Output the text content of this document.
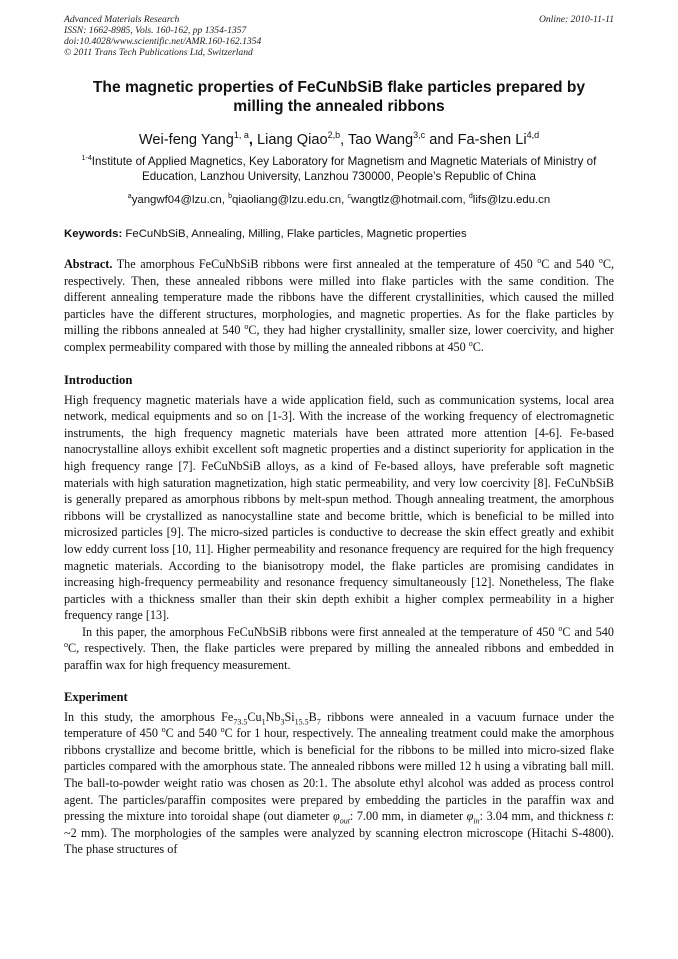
Advanced Materials Research
ISSN: 1662-8985, Vols. 160-162, pp 1354-1357
doi:10.4028/www.scientific.net/AMR.160-162.1354
© 2011 Trans Tech Publications Ltd, Switzerland
Online: 2010-11-11
The magnetic properties of FeCuNbSiB flake particles prepared by milling the annealed ribbons
Wei-feng Yang$^{1, a}$, Liang Qiao$^{2,b}$, Tao Wang$^{3,c}$ and Fa-shen Li$^{4,d}$
$^{1-4}$Institute of Applied Magnetics, Key Laboratory for Magnetism and Magnetic Materials of Ministry of Education, Lanzhou University, Lanzhou 730000, People’s Republic of China
$^a$yangwf04@lzu.cn, $^b$qiaoliang@lzu.edu.cn, $^c$wangtlz@hotmail.com, $^d$lifs@lzu.edu.cn
Keywords: FeCuNbSiB, Annealing, Milling, Flake particles, Magnetic properties

Abstract. The amorphous FeCuNbSiB ribbons were first annealed at the temperature of 450 $^o$C and 540 $^o$C, respectively. Then, these annealed ribbons were milled into flake particles with the same condition. The different annealing temperature made the ribbons have the different crystallinities, which caused the milled particles have the different structures, morphologies, and magnetic properties. As for the flake particles by milling the ribbons annealed at 540 $^o$C, they had higher crystallinity, smaller size, lower coercivity, and higher complex permeability compared with those by milling the annealed ribbons at 450 $^o$C.

Introduction

High frequency magnetic materials have a wide application field, such as communication systems, local area network, medical equipments and so on [1-3]. With the increase of the working frequency of electromagnetic instruments, the high frequency magnetic materials have been attrated more attention [4-6]. Fe-based nanocrystalline alloys exhibit excellent soft magnetic properties and a distinct superiority for application in the high frequency range [7]. FeCuNbSiB alloys, as a kind of Fe-based alloys, have preferable soft magnetic materials with high saturation magnetization, high static permeability, and very low coercivity [8]. FeCuNbSiB is generally prepared as amorphous ribbons by melt-spun method. Though annealing treatment, the amorphous ribbons will be crystallized as nanocystalline state and become brittle, which is beneficial to be milled into microsized particles [9]. The micro-sized particles is conductive to decrease the skin effect greatly and exhibit low eddy current loss [10, 11]. Higher permeability and resonance frequency are required for the high frequency magnetic materials. According to the bianisotropy model, the flake particles are promising candidates in increasing high-frequency permeability and resonance frequency simultaneously [12]. Nonetheless, The flake particles with a thickness smaller than their skin depth exhibit a higher complex permeability in a higher frequency range [13].

In this paper, the amorphous FeCuNbSiB ribbons were first annealed at the temperature of 450 $^o$C and 540 $^o$C, respectively. Then, the flake particles were prepared by milling the annealed ribbons and embedded in paraffin wax for high frequency measurement.

Experiment

In this study, the amorphous $Fe_{73.5}Cu_1Nb_3Si_{15.5}B_7$ ribbons were annealed in a vacuum furnace under the temperature of 450 $^o$C and 540 $^o$C for 1 hour, respectively. The annealing treatment could make the amorphous ribbons crystallize and become brittle, which is beneficial for the ribbons to be milled into micro-sized flake particles compared with the amorphous state. The annealed ribbons were milled 12 h using a vibrating ball mill. The ball-to-powder weight ratio was chosen as 20:1. The absolute ethyl alcohol was added as process control agent. The particles/paraffin composites were prepared by embedding the particles in the paraffin wax and pressing the mixture into toroidal shape (out diameter $\varphi_{out}$: 7.00 mm, in diameter $\varphi_{in}$: 3.04 mm, and thickness t: ~2 mm). The morphologies of the samples were analyzed by scanning electron microscope (Hitachi S-4800). The phase structures of
